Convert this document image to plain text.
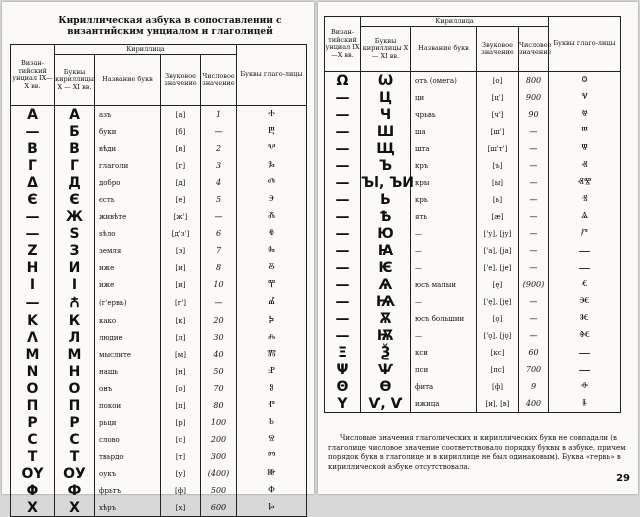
Кириллическая азбука в сопоставлении с византийским унциалом и глаголицей
Визан-тийский унциал IX—X вв.	Кириллица				Буквы глаго-лицы
	Буквы кириллицы X — XI вв.	Название букв	Звуковое значение	Числовое значение	
Α	А	азъ	[а]	1	ⰰ
—	Б	буки	[б]	—	ⰱ
В	В	вѣди	[в]	2	ⰲ
Г	Г	глаголи	[г]	3	ⰳ
Δ	Д	добро	[д]	4	ⰴ
Є	Є	єсть	[е]	5	ⰵ
—	Ж	живѣте	[ж']	—	ⰶ
—	Ѕ	ѕѣло	[д'з']	6	ⰷ
Ζ	З	земля	[з]	7	ⰸ
Η	И	иже	[и]	8	ⰻ
Ι	І	иже	[и]	10	ⰹ
—	Ꙉ	(г'ервь)	[г']	—	ⰼ
Κ	К	како	[к]	20	ⰽ
Λ	Л	людие	[л]	30	ⰾ
Μ	М	мыслите	[м]	40	ⰿ
Ν	Н	нашь	[н]	50	ⱀ
Ο	О	онъ	[о]	70	ⱁ
Π	П	покои	[п]	80	ⱂ
Ρ	Р	рьци	[р]	100	ⱃ
С	С	слово	[с]	200	ⱄ
Τ	Т	твьрдо	[т]	300	ⱅ
ΟΥ	ОУ	оукъ	[у]	(400)	ⱆ
Φ	Ф	фрьтъ	[ф]	500	ⱇ
Χ	Х	хѣръ	[х]	600	ⱈ
Визан-тийский унциал IX—X вв.	Кириллица				Буквы глаго-лицы
	Буквы кириллицы X — XI вв.	Название букв	Звуковое значение	Числовое значение	
Ω	Ѡ	отъ (омега)	[о]	800	ⱉ
—	Ц	ци	[ц']	900	ⱌ
—	Ч	чрьвь	[ч']	90	ⱍ
—	Ш	ша	[ш']	—	ⱎ
—	Щ	шта	[ш'т']	—	ⱋ
—	Ъ	кръ	[ъ]	—	ⱏ
—	Ъl, ЪИ	кры	[ы]	—	ⱏⰺ
—	Ь	крь	[ь]	—	ⱐ
—	Ѣ	ять	[æ]	—	ⱑ
—	Ю	—	['у], [jу]	—	ⱓ
—	Ꙗ	—	['а], [jа]	—	—
—	Ѥ	—	['е], [jе]	—	—
—	Ѧ	юсъ малыи	[ę]	(900)	ⱔ
—	Ѩ	—	['ę], [ję]	—	ⱗ
—	Ѫ	юсъ большии	[ǫ]	—	ⱘ
—	Ѭ	—	['ǫ], [jǫ]	—	ⱙ
Ξ	Ѯ	кси	[кс]	60	—
Ψ	Ѱ	пси	[пс]	700	—
Θ	Ѳ	фита	[ф]	9	ⱚ
Υ	Ѵ, Ѵ	ижица	[и], [в]	400	ⱛ
Числовые значения глаголических и кириллических букв не совпадали (в глаголице числовое значение соответствовало порядку буквы в азбуке, причем порядок букв в глаголице и в кириллице не был одинаковым). Буква «гервь» в кириллической азбуке отсутствовала.
29
